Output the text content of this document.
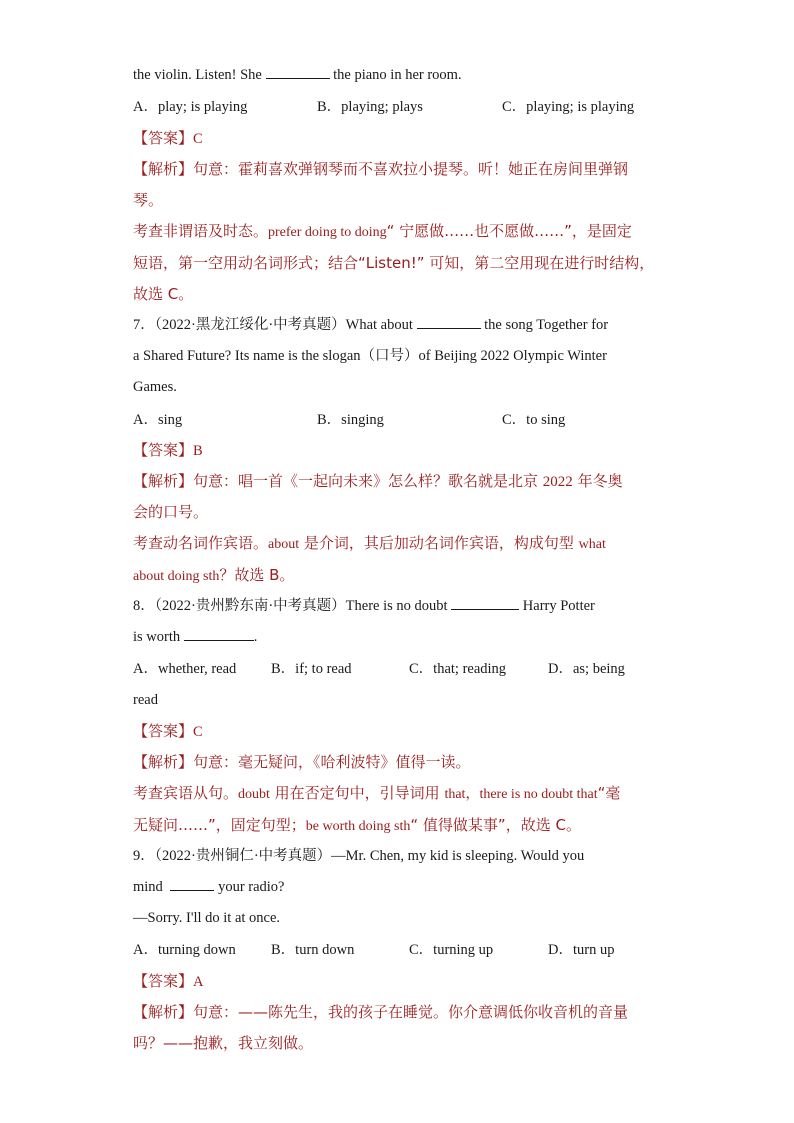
the violin. Listen! She	the piano in her room.
A．play; is playing	B．playing; plays	C．playing; is playing
【答案】C
【解析】句意：霍莉喜欢弹钢琴而不喜欢拉小提琴。听！她正在房间里弹钢
琴。
考查非谓语及时态。prefer doing to doing“ 宁愿做……也不愿做……”，是固定
短语，第一空用动名词形式；结合“Listen!” 可知，第二空用现在进行时结构，
故选 C。
7．（2022·黑龙江绥化·中考真题）What about	the song Together for
a Shared Future? Its name is the slogan（口号）of Beijing 2022 Olympic Winter
Games.
A．sing	B．singing	C．to sing
【答案】B
【解析】句意：唱一首《一起向未来》怎么样？歌名就是北京 2022 年冬奥
会的口号。
考查动名词作宾语。about 是介词，其后加动名词作宾语，构成句型 what
about doing sth？故选 B。
8．（2022·贵州黔东南·中考真题）There is no doubt	Harry Potter
is worth	.
A．whether, read B．if; to read	C．that; reading	D．as; being
read
【答案】C
【解析】句意：毫无疑问，《哈利波特》值得一读。
考查宾语从句。doubt 用在否定句中，引导词用 that，there is no doubt that“毫
无疑问……”，固定句型；be worth doing sth“ 值得做某事”，故选 C。
9．（2022·贵州铜仁·中考真题）—Mr. Chen, my kid is sleeping. Would you
mind	your radio?
—Sorry. I'll do it at once.
A．turning down B．turn down	C．turning up	D．turn up
【答案】A
【解析】句意：——陈先生，我的孩子在睡觉。你介意调低你收音机的音量
吗？——抱歉，我立刻做。
